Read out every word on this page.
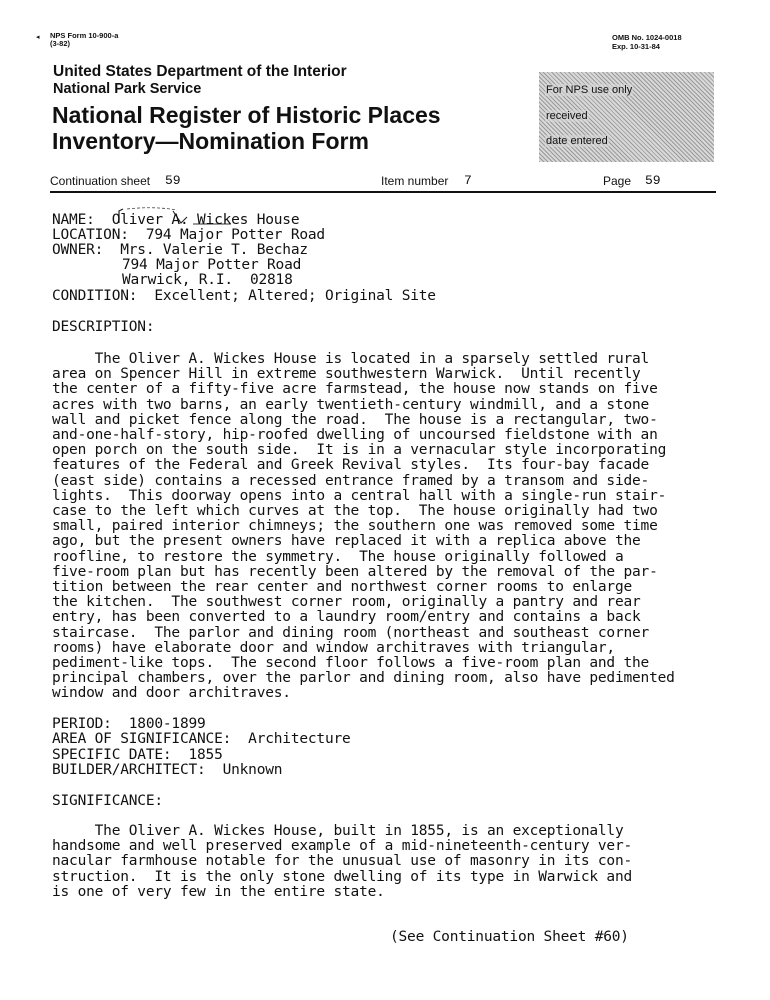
◂ NPS Form 10-900-a
(3-82)
OMB No. 1024-0018
Exp. 10-31-84
United States Department of the Interior
National Park Service
National Register of Historic Places
Inventory—Nomination Form
For NPS use only
received
date entered
Continuation sheet 59	Item number 7	Page 59
NAME:  Oliver A. Wickes House
LOCATION:  794 Major Potter Road
OWNER:  Mrs. Valerie T. Bechaz
794 Major Potter Road
Warwick, R.I.  02818
CONDITION:  Excellent; Altered; Original Site
DESCRIPTION:
The Oliver A. Wickes House is located in a sparsely settled rural
area on Spencer Hill in extreme southwestern Warwick.  Until recently
the center of a fifty-five acre farmstead, the house now stands on five
acres with two barns, an early twentieth-century windmill, and a stone
wall and picket fence along the road.  The house is a rectangular, two-
and-one-half-story, hip-roofed dwelling of uncoursed fieldstone with an
open porch on the south side.  It is in a vernacular style incorporating
features of the Federal and Greek Revival styles.  Its four-bay facade
(east side) contains a recessed entrance framed by a transom and side-
lights.  This doorway opens into a central hall with a single-run stair-
case to the left which curves at the top.  The house originally had two
small, paired interior chimneys; the southern one was removed some time
ago, but the present owners have replaced it with a replica above the
roofline, to restore the symmetry.  The house originally followed a
five-room plan but has recently been altered by the removal of the par-
tition between the rear center and northwest corner rooms to enlarge
the kitchen.  The southwest corner room, originally a pantry and rear
entry, has been converted to a laundry room/entry and contains a back
staircase.  The parlor and dining room (northeast and southeast corner
rooms) have elaborate door and window architraves with triangular,
pediment-like tops.  The second floor follows a five-room plan and the
principal chambers, over the parlor and dining room, also have pedimented
window and door architraves.
PERIOD:  1800-1899
AREA OF SIGNIFICANCE:  Architecture
SPECIFIC DATE:  1855
BUILDER/ARCHITECT:  Unknown
SIGNIFICANCE:
The Oliver A. Wickes House, built in 1855, is an exceptionally
handsome and well preserved example of a mid-nineteenth-century ver-
nacular farmhouse notable for the unusual use of masonry in its con-
struction.  It is the only stone dwelling of its type in Warwick and
is one of very few in the entire state.
(See Continuation Sheet #60)
